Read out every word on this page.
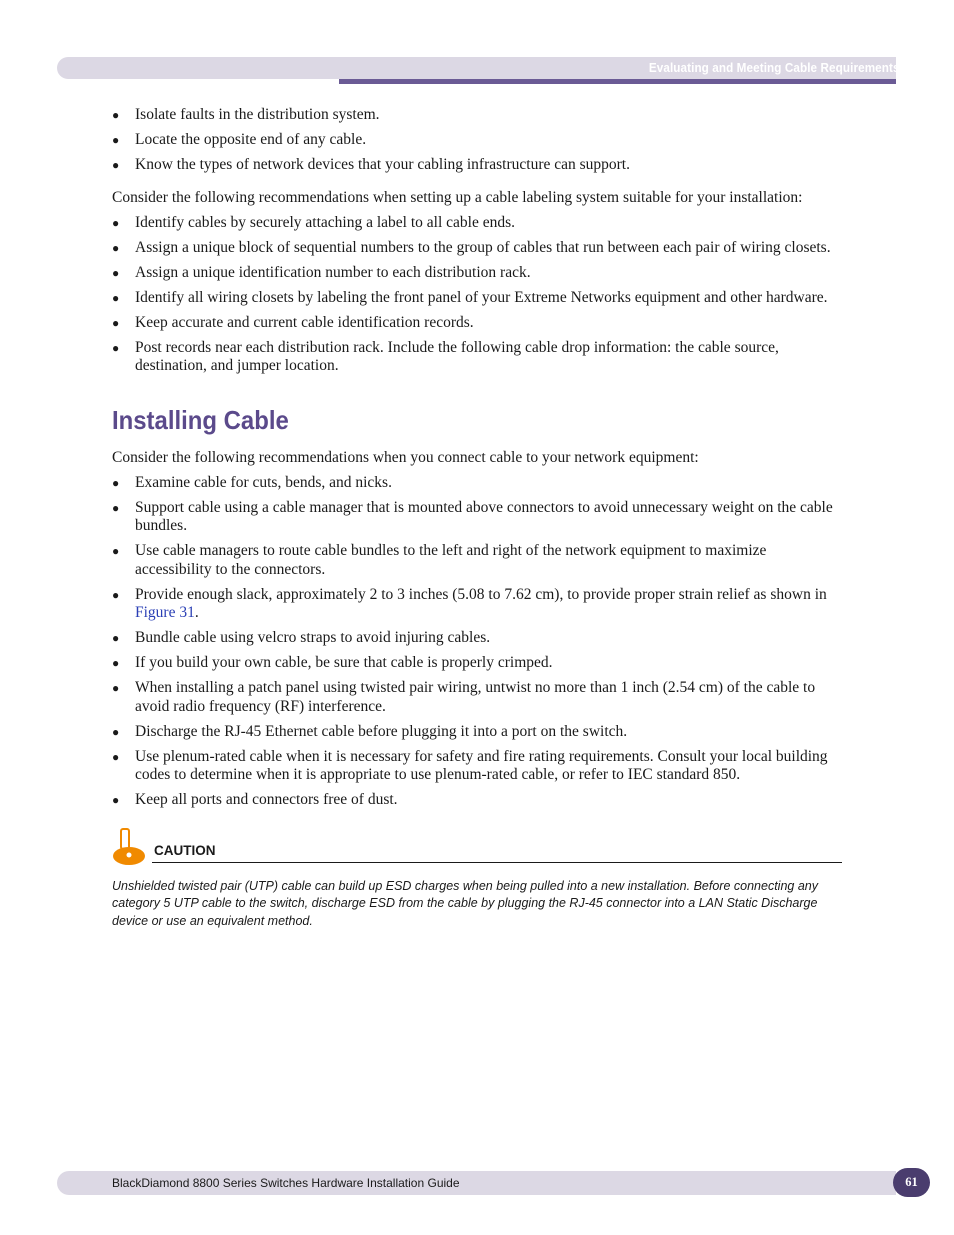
Evaluating and Meeting Cable Requirements
● Isolate faults in the distribution system.
● Locate the opposite end of any cable.
● Know the types of network devices that your cabling infrastructure can support.

Consider the following recommendations when setting up a cable labeling system suitable for your installation:

● Identify cables by securely attaching a label to all cable ends.
● Assign a unique block of sequential numbers to the group of cables that run between each pair of wiring closets.
● Assign a unique identification number to each distribution rack.
● Identify all wiring closets by labeling the front panel of your Extreme Networks equipment and other hardware.
● Keep accurate and current cable identification records.
● Post records near each distribution rack. Include the following cable drop information: the cable source, destination, and jumper location.
Installing Cable

Consider the following recommendations when you connect cable to your network equipment:

● Examine cable for cuts, bends, and nicks.
● Support cable using a cable manager that is mounted above connectors to avoid unnecessary weight on the cable bundles.
● Use cable managers to route cable bundles to the left and right of the network equipment to maximize accessibility to the connectors.
● Provide enough slack, approximately 2 to 3 inches (5.08 to 7.62 cm), to provide proper strain relief as shown in Figure 31.
● Bundle cable using velcro straps to avoid injuring cables.
● If you build your own cable, be sure that cable is properly crimped.
● When installing a patch panel using twisted pair wiring, untwist no more than 1 inch (2.54 cm) of the cable to avoid radio frequency (RF) interference.
● Discharge the RJ-45 Ethernet cable before plugging it into a port on the switch.
● Use plenum-rated cable when it is necessary for safety and fire rating requirements. Consult your local building codes to determine when it is appropriate to use plenum-rated cable, or refer to IEC standard 850.
● Keep all ports and connectors free of dust.
CAUTION

Unshielded twisted pair (UTP) cable can build up ESD charges when being pulled into a new installation. Before connecting any category 5 UTP cable to the switch, discharge ESD from the cable by plugging the RJ-45 connector into a LAN Static Discharge device or use an equivalent method.

BlackDiamond 8800 Series Switches Hardware Installation Guide	61
